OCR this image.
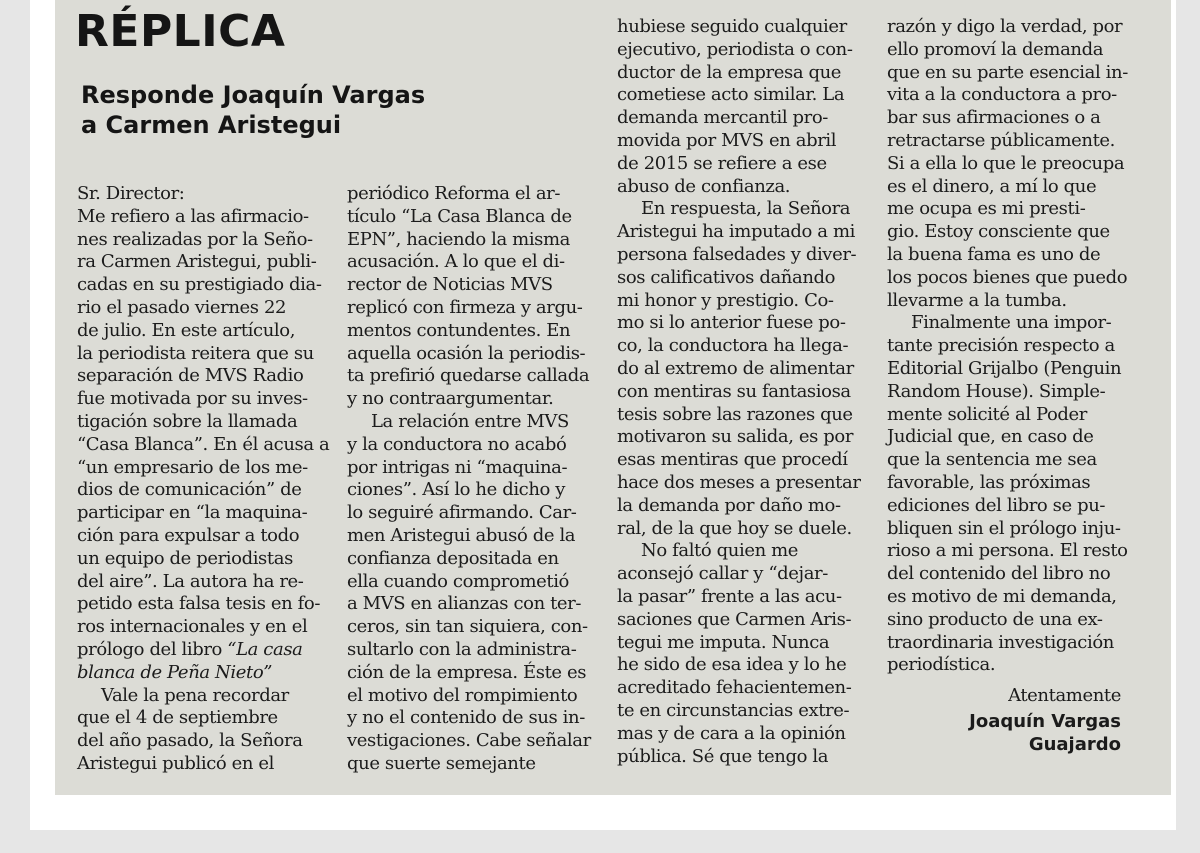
RÉPLICA
Responde Joaquín Vargas
a Carmen Aristegui
Sr. Director:
Me refiero a las afirmacio-
nes realizadas por la Seño-
ra Carmen Aristegui, publi-
cadas en su prestigiado dia-
rio el pasado viernes 22
de julio. En este artículo,
la periodista reitera que su
separación de MVS Radio
fue motivada por su inves-
tigación sobre la llamada
“Casa Blanca”. En él acusa a
“un empresario de los me-
dios de comunicación” de
participar en “la maquina-
ción para expulsar a todo
un equipo de periodistas
del aire”. La autora ha re-
petido esta falsa tesis en fo-
ros internacionales y en el
prólogo del libro “La casa
blanca de Peña Nieto”
Vale la pena recordar
que el 4 de septiembre
del año pasado, la Señora
Aristegui publicó en el
periódico Reforma el ar-
tículo “La Casa Blanca de
EPN”, haciendo la misma
acusación. A lo que el di-
rector de Noticias MVS
replicó con firmeza y argu-
mentos contundentes. En
aquella ocasión la periodis-
ta prefirió quedarse callada
y no contraargumentar.
La relación entre MVS
y la conductora no acabó
por intrigas ni “maquina-
ciones”. Así lo he dicho y
lo seguiré afirmando. Car-
men Aristegui abusó de la
confianza depositada en
ella cuando comprometió
a MVS en alianzas con ter-
ceros, sin tan siquiera, con-
sultarlo con la administra-
ción de la empresa. Éste es
el motivo del rompimiento
y no el contenido de sus in-
vestigaciones. Cabe señalar
que suerte semejante
hubiese seguido cualquier
ejecutivo, periodista o con-
ductor de la empresa que
cometiese acto similar. La
demanda mercantil pro-
movida por MVS en abril
de 2015 se refiere a ese
abuso de confianza.
En respuesta, la Señora
Aristegui ha imputado a mi
persona falsedades y diver-
sos calificativos dañando
mi honor y prestigio. Co-
mo si lo anterior fuese po-
co, la conductora ha llega-
do al extremo de alimentar
con mentiras su fantasiosa
tesis sobre las razones que
motivaron su salida, es por
esas mentiras que procedí
hace dos meses a presentar
la demanda por daño mo-
ral, de la que hoy se duele.
No faltó quien me
aconsejó callar y “dejar-
la pasar” frente a las acu-
saciones que Carmen Aris-
tegui me imputa. Nunca
he sido de esa idea y lo he
acreditado fehacientemen-
te en circunstancias extre-
mas y de cara a la opinión
pública. Sé que tengo la
razón y digo la verdad, por
ello promoví la demanda
que en su parte esencial in-
vita a la conductora a pro-
bar sus afirmaciones o a
retractarse públicamente.
Si a ella lo que le preocupa
es el dinero, a mí lo que
me ocupa es mi presti-
gio. Estoy consciente que
la buena fama es uno de
los pocos bienes que puedo
llevarme a la tumba.
Finalmente una impor-
tante precisión respecto a
Editorial Grijalbo (Penguin
Random House). Simple-
mente solicité al Poder
Judicial que, en caso de
que la sentencia me sea
favorable, las próximas
ediciones del libro se pu-
bliquen sin el prólogo inju-
rioso a mi persona. El resto
del contenido del libro no
es motivo de mi demanda,
sino producto de una ex-
traordinaria investigación
periodística.
Atentamente
Joaquín Vargas
Guajardo
